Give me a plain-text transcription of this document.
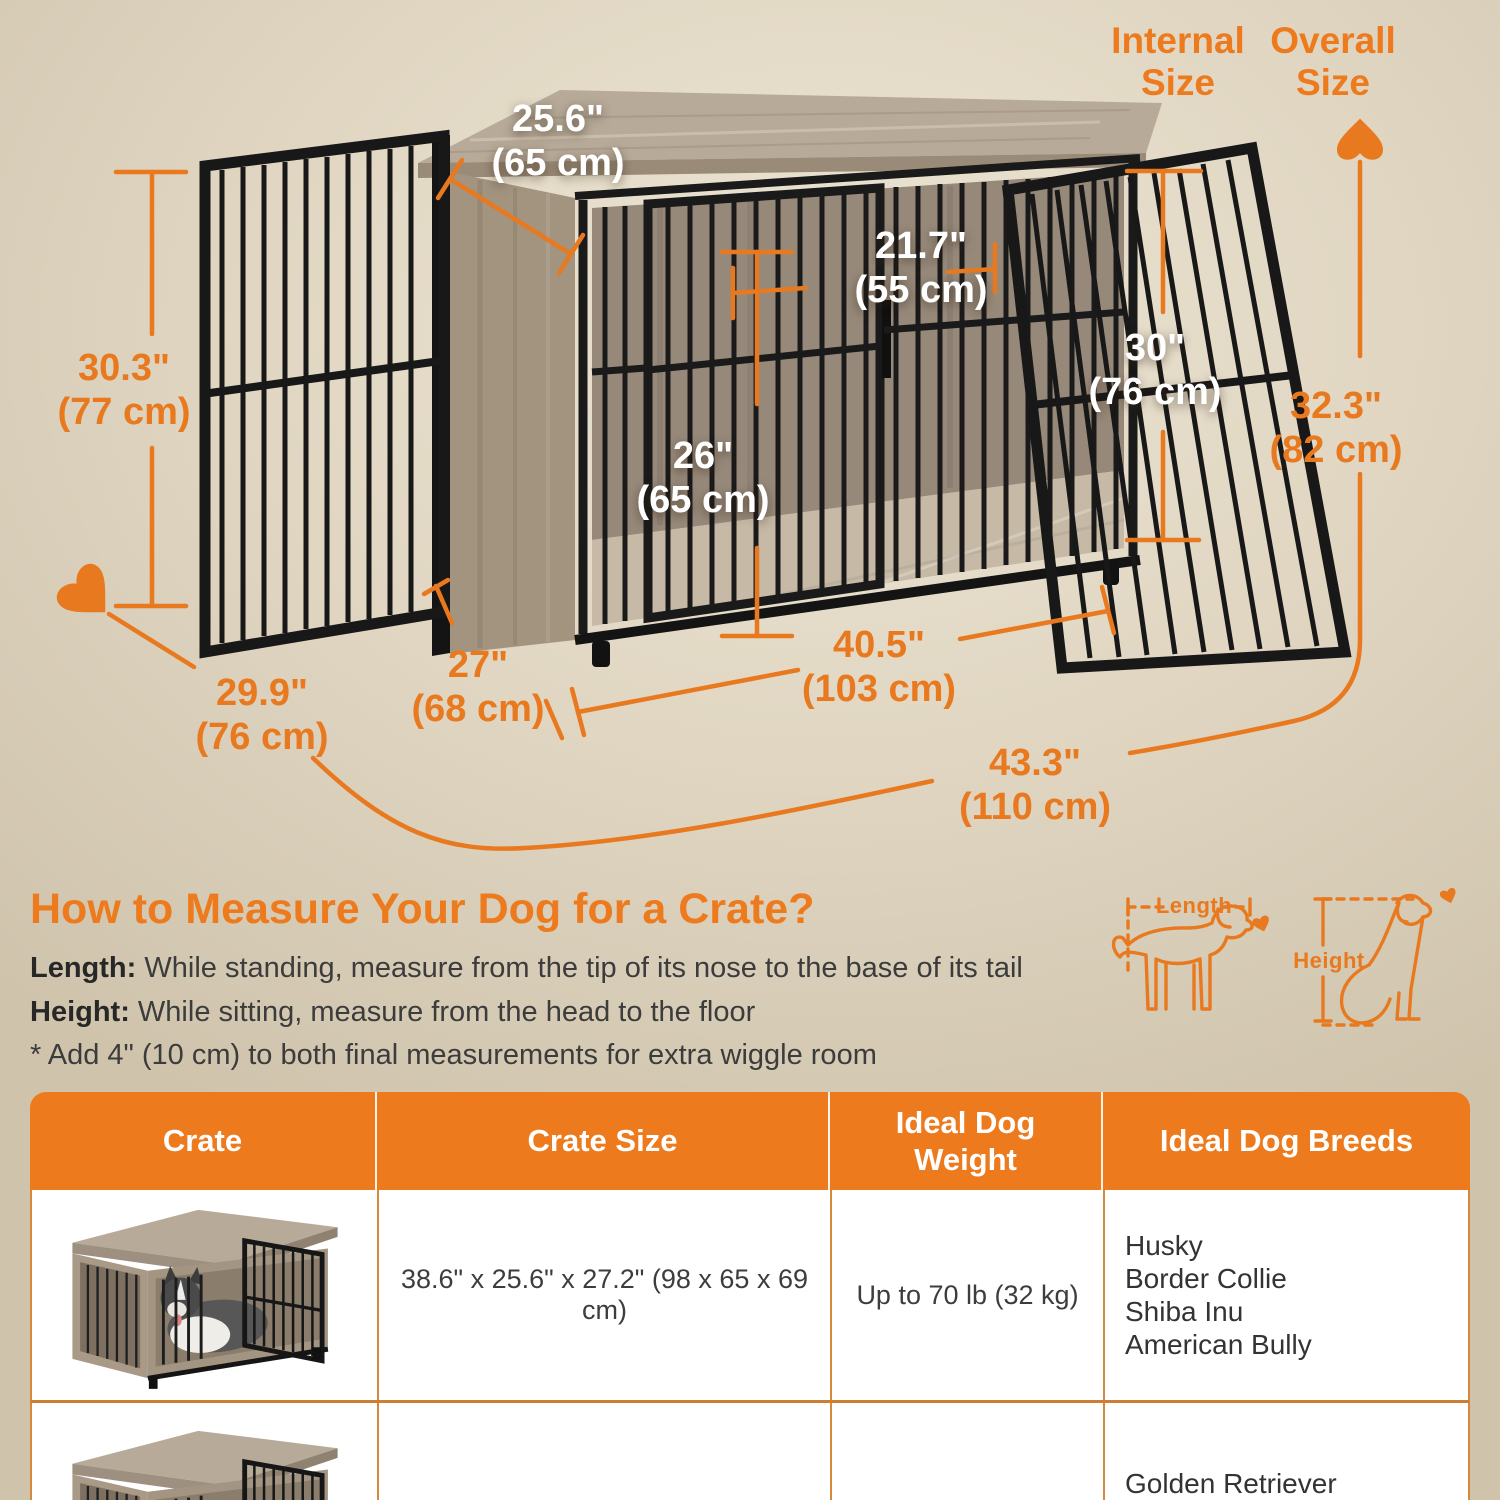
Internal
Size
Overall
Size
25.6"
(65 cm)
21.7"
(55 cm)
26"
(65 cm)
30"
(76 cm)
30.3"
(77 cm)
29.9"
(76 cm)
27"
(68 cm)
40.5"
(103 cm)
32.3"
(82 cm)
43.3"
(110 cm)
How to Measure Your Dog for a Crate?

Length: While standing, measure from the tip of its nose to the base of its tail

Height: While sitting, measure from the head to the floor

* Add 4" (10 cm) to both final measurements for extra wiggle room

Length
Height
Crate	Crate Size
Ideal Dog Weight
Ideal Dog Breeds
38.6" x 25.6" x 27.2" (98 x 65 x 69 cm)
Up to 70 lb (32 kg)
Husky
Border Collie
Shiba Inu
American Bully
Golden Retriever
